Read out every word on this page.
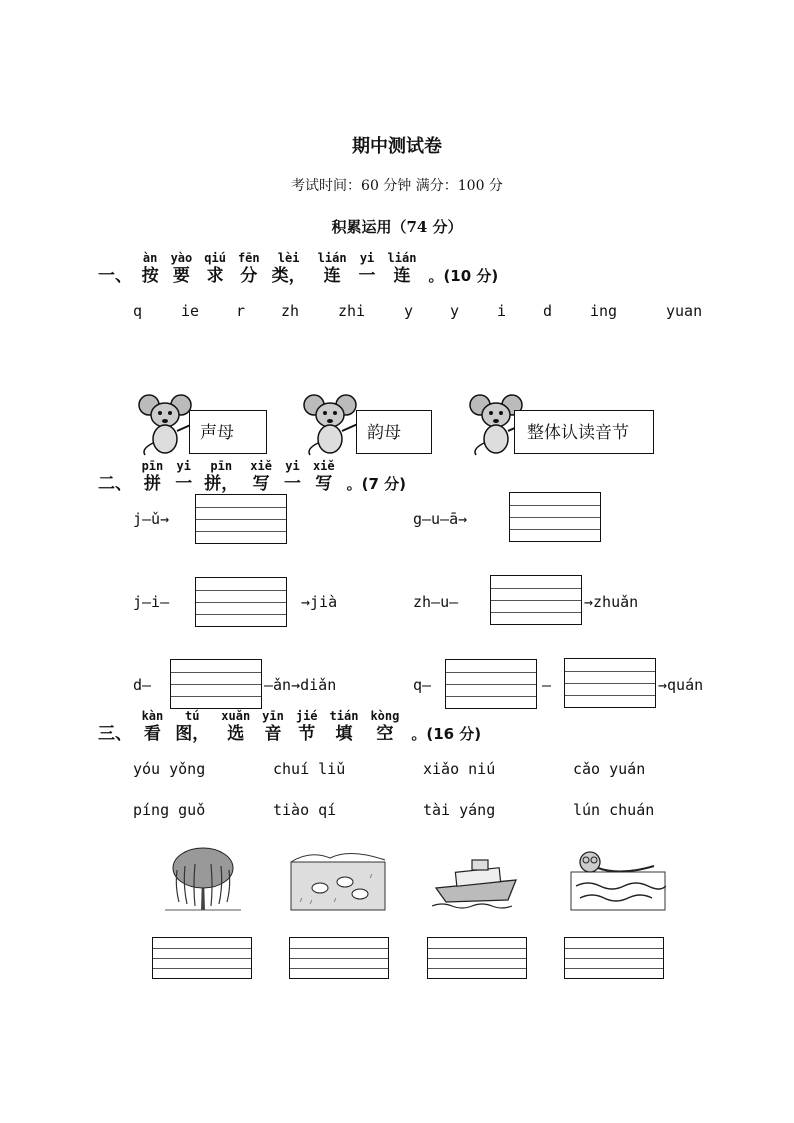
期中测试卷
考试时间：60 分钟 满分：100 分
积累运用（74 分）
一、
àn
按
yào
要
qiú
求
fēn
分
lèi
类，
lián
连
yi
一
lián
连	。(10 分)
q	ie r zh	zhi	y y	i d	ing	yuan
声母	韵母	整体认读音节
二、
pīn
拼
yi
一
pīn
拼，
xiě
写
yi
一
xiě
写 。(7 分)
j—ǔ→	g—u—ā→
j—i—	→jià	zh—u—	→zhuǎn
d—	—ǎn→diǎn	q—	—	→quán
三、
kàn
看
tú
图，
xuǎn
选
yīn
音
jié
节
tián
填
kòng
空	。(16 分)
yóu yǒng	chuí liǔ	xiǎo niú	cǎo yuán
píng guǒ	tiào qí	tài yáng	lún chuán
